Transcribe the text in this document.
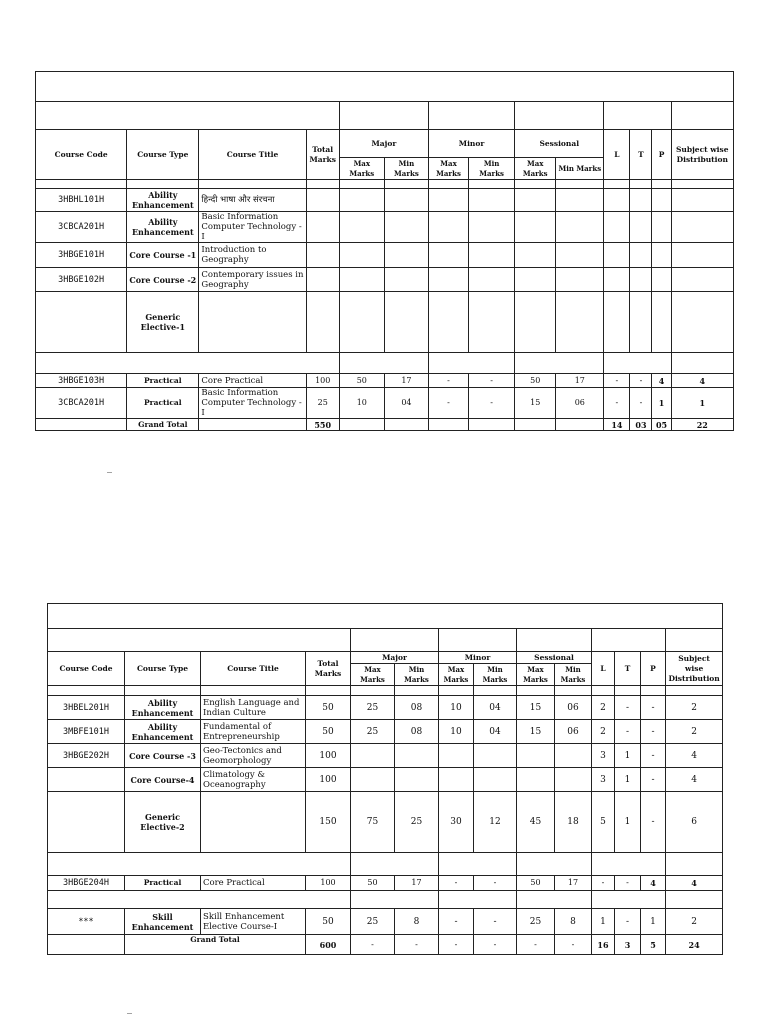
Course Code	Course Type	Course Title	Total Marks	Major		Minor		Sessional		L	T	P	Subject wise Distribution
				Max Marks	Min Marks	Max Marks	Min Marks	Max Marks	Min Marks				

3HBHL101H	Ability Enhancement	हिन्दी भाषा और संरचना											
3CBCA201H	Ability Enhancement	Basic Information Computer Technology - I											
3HBGE101H	Core Course -1	Introduction to Geography											
3HBGE102H	Core Course -2	Contemporary issues in Geography											
	Generic Elective-1												

3HBGE103H	Practical	Core Practical	100	50	17	-	-	50	17	-	-	4	4
3CBCA201H	Practical	Basic Information Computer Technology - I	25	10	04	-	-	15	06	-	-	1	1
	Grand Total		550							14	03	05	22
_

Course Code	Course Type	Course Title	Total Marks	Major		Minor		Sessional		L	T	P	Subject wise Distribution
				Max Marks	Min Marks	Max Marks	Min Marks	Max Marks	Min Marks				

3HBEL201H	Ability Enhancement	English Language and Indian Culture	50	25	08	10	04	15	06	2	-	-	2
3MBFE101H	Ability Enhancement	Fundamental of Entrepreneurship	50	25	08	10	04	15	06	2	-	-	2
3HBGE202H	Core Course -3	Geo-Tectonics and Geomorphology	100							3	1	-	4
	Core Course-4	Climatology & Oceanography	100							3	1	-	4
	Generic Elective-2		150	75	25	30	12	45	18	5	1	-	6

3HBGE204H	Practical	Core Practical	100	50	17	-	-	50	17	-	-	4	4

***	Skill Enhancement	Skill Enhancement Elective Course-I	50	25	8	-	-	25	8	1	-	1	2
	Grand Total		600	-	-	-	-	-	-	16	3	5	24
_
